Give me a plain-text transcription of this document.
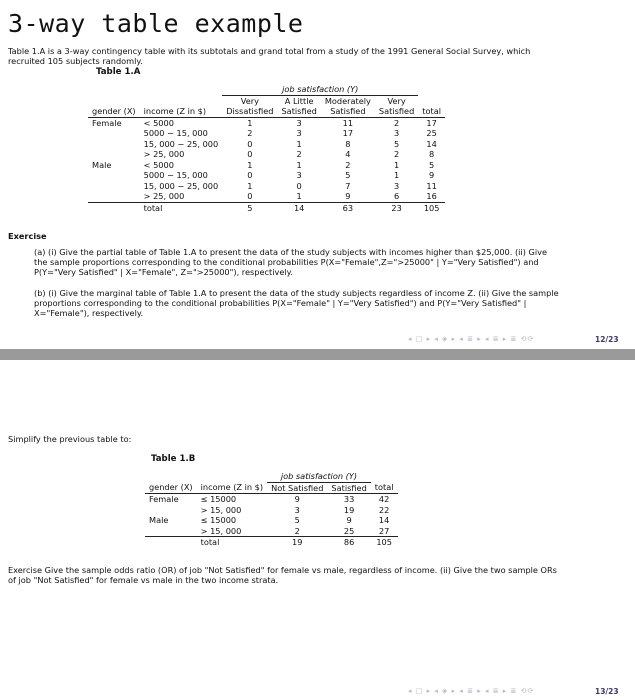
3-way table example
Table 1.A is a 3-way contingency table with its subtotals and grand total from a study of the 1991 General Social Survey, which
recruited 105 subjects randomly.
Table 1.A
		job satisfaction (Y)				
		Very	A Little	Moderately	Very	
gender (X)	income (Z in $)	Dissatisfied	Satisfied	Satisfied	Satisfied	total
Female	< 5000	1	3	11	2	17
	5000 − 15, 000	2	3	17	3	25
	15, 000 − 25, 000	0	1	8	5	14
	> 25, 000	0	2	4	2	8
Male	< 5000	1	1	2	1	5
	5000 − 15, 000	0	3	5	1	9
	15, 000 − 25, 000	1	0	7	3	11
	> 25, 000	0	1	9	6	16
	total	5	14	63	23	105
Exercise
(a) (i) Give the partial table of Table 1.A to present the data of the study subjects with incomes higher than $25,000. (ii) Give
the sample proportions corresponding to the conditional probabilities P(X="Female",Z=">25000" | Y="Very Satisfied") and
P(Y="Very Satisfied" | X="Female", Z=">25000"), respectively.
(b) (i) Give the marginal table of Table 1.A to present the data of the study subjects regardless of income Z. (ii) Give the sample
proportions corresponding to the conditional probabilities P(X="Female" | Y="Very Satisfied") and P(Y="Very Satisfied" |
X="Female"), respectively.
◂ □ ▸ ◂ ◈ ▸ ◂ ≣ ▸ ◂ ≣ ▸ ≣ ⟲⟳	12/23
Simplify the previous table to:
Table 1.B
		job satisfaction (Y)		
gender (X)	income (Z in $)	Not Satisfied	Satisfied	total
Female	≤ 15000	9	33	42
	> 15, 000	3	19	22
Male	≤ 15000	5	9	14
	> 15, 000	2	25	27
	total	19	86	105
Exercise Give the sample odds ratio (OR) of job "Not Satisfied" for female vs male, regardless of income. (ii) Give the two sample ORs
of job "Not Satisfied" for female vs male in the two income strata.
◂ □ ▸ ◂ ◈ ▸ ◂ ≣ ▸ ◂ ≣ ▸ ≣ ⟲⟳	13/23
